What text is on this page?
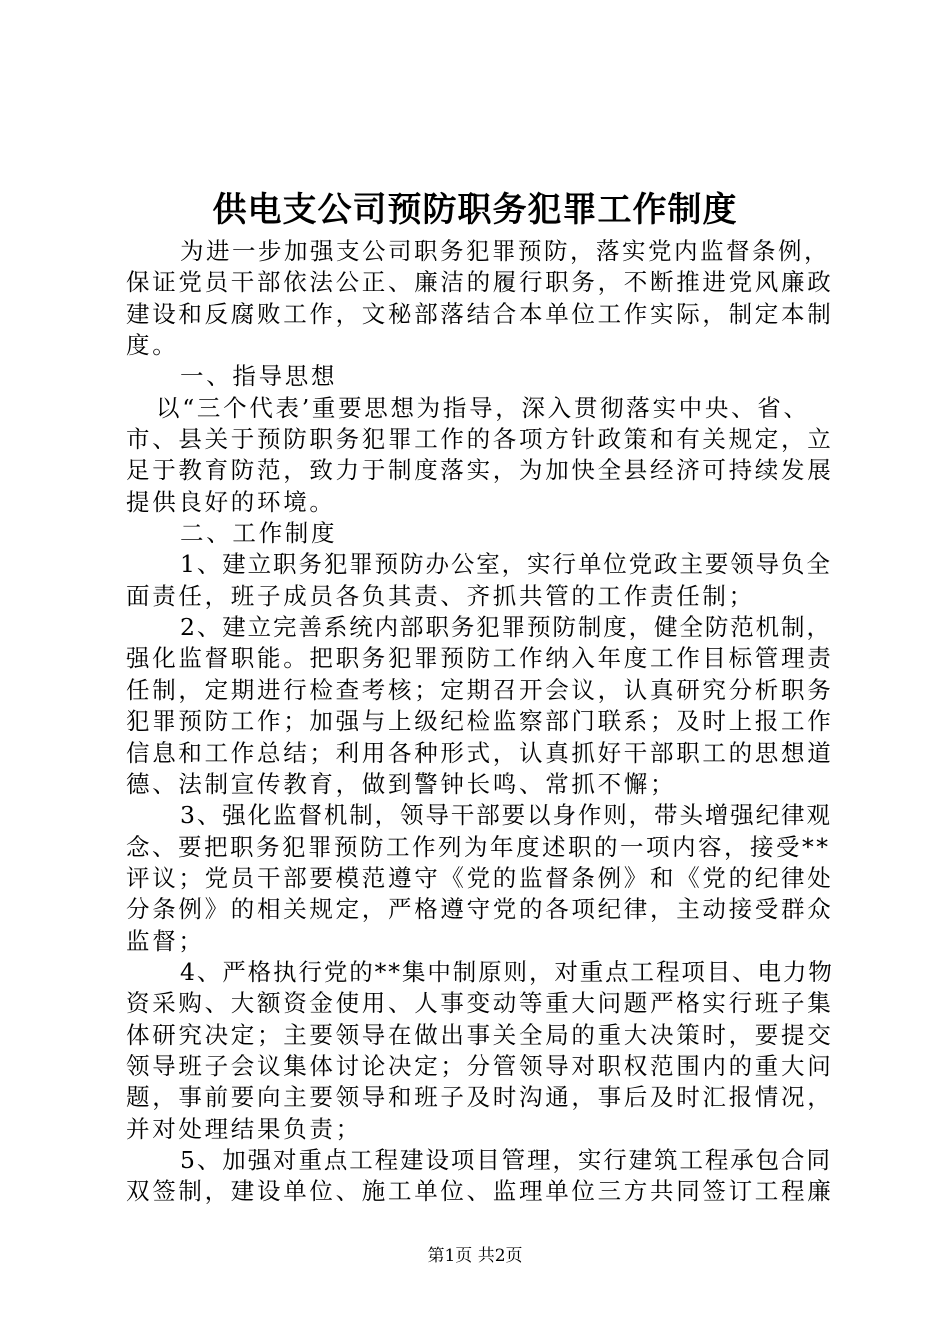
供电支公司预防职务犯罪工作制度
为进一步加强支公司职务犯罪预防，落实党内监督条例，
保证党员干部依法公正、廉洁的履行职务，不断推进党风廉政
建设和反腐败工作，文秘部落结合本单位工作实际，制定本制
度。
一、指导思想
以“三个代表’重要思想为指导，深入贯彻落实中央、省、
市、县关于预防职务犯罪工作的各项方针政策和有关规定，立
足于教育防范，致力于制度落实，为加快全县经济可持续发展
提供良好的环境。
二、工作制度
1、建立职务犯罪预防办公室，实行单位党政主要领导负全
面责任，班子成员各负其责、齐抓共管的工作责任制；
2、建立完善系统内部职务犯罪预防制度，健全防范机制，
强化监督职能。把职务犯罪预防工作纳入年度工作目标管理责
任制，定期进行检查考核；定期召开会议，认真研究分析职务
犯罪预防工作；加强与上级纪检监察部门联系；及时上报工作
信息和工作总结；利用各种形式，认真抓好干部职工的思想道
德、法制宣传教育，做到警钟长鸣、常抓不懈；
3、强化监督机制，领导干部要以身作则，带头增强纪律观
念、要把职务犯罪预防工作列为年度述职的一项内容，接受**
评议；党员干部要模范遵守《党的监督条例》和《党的纪律处
分条例》的相关规定，严格遵守党的各项纪律，主动接受群众
监督；
4、严格执行党的**集中制原则，对重点工程项目、电力物
资采购、大额资金使用、人事变动等重大问题严格实行班子集
体研究决定；主要领导在做出事关全局的重大决策时，要提交
领导班子会议集体讨论决定；分管领导对职权范围内的重大问
题，事前要向主要领导和班子及时沟通，事后及时汇报情况，
并对处理结果负责；
5、加强对重点工程建设项目管理，实行建筑工程承包合同
双签制，建设单位、施工单位、监理单位三方共同签订工程廉
第1页 共2页
